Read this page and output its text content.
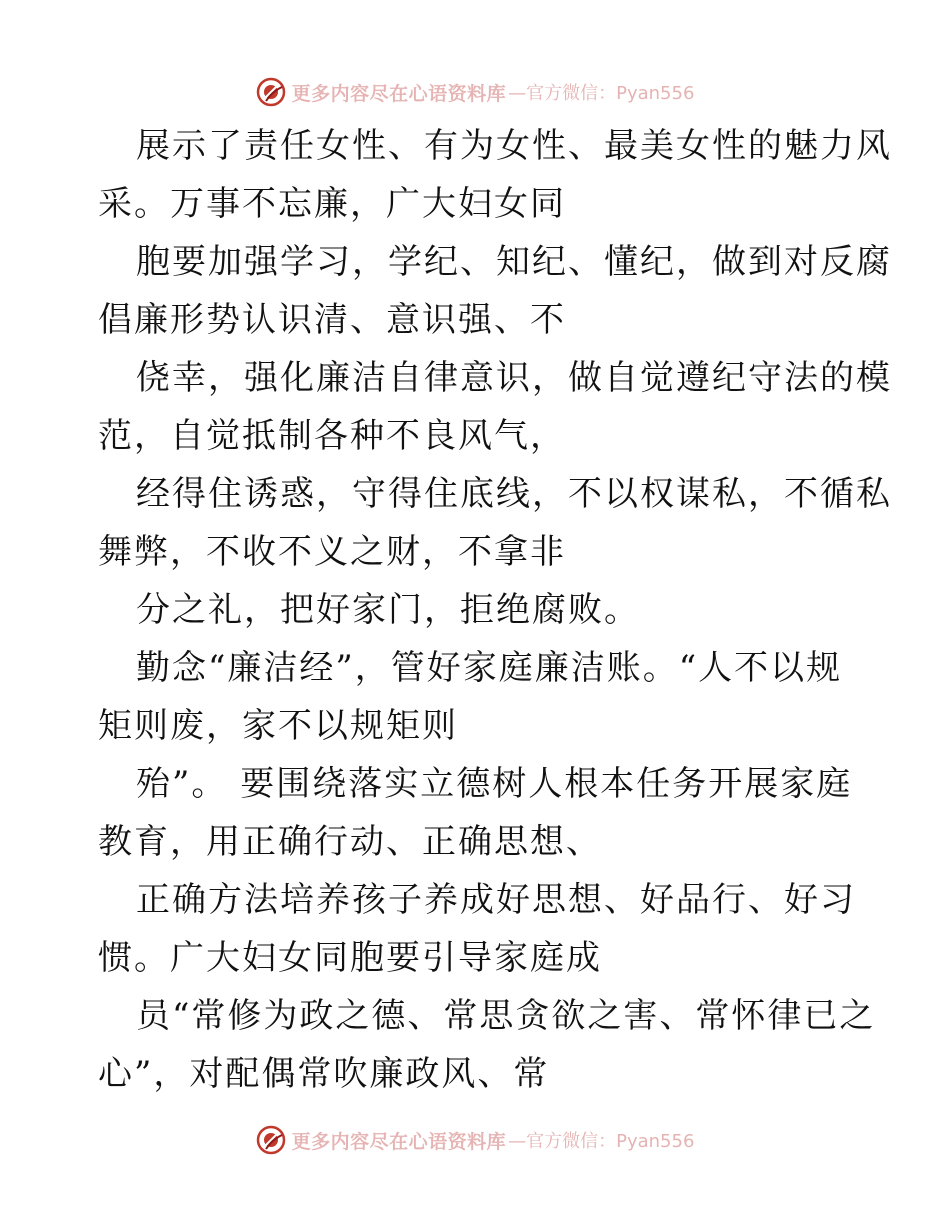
更多内容尽在心语资料库 —官方微信：Pyan556
展示了责任女性、有为女性、最美女性的魅力风
采。万事不忘廉，广大妇女同
胞要加强学习，学纪、知纪、懂纪，做到对反腐
倡廉形势认识清、意识强、不
侥幸，强化廉洁自律意识，做自觉遵纪守法的模
范，自觉抵制各种不良风气，
经得住诱惑，守得住底线，不以权谋私，不循私
舞弊，不收不义之财，不拿非
分之礼，把好家门，拒绝腐败。
勤念“廉洁经”，管好家庭廉洁账。“人不以规
矩则废，家不以规矩则
殆”。 要围绕落实立德树人根本任务开展家庭
教育，用正确行动、正确思想、
正确方法培养孩子养成好思想、好品行、好习
惯。广大妇女同胞要引导家庭成
员“常修为政之德、常思贪欲之害、常怀律已之
心”，对配偶常吹廉政风、常
更多内容尽在心语资料库 —官方微信：Pyan556
